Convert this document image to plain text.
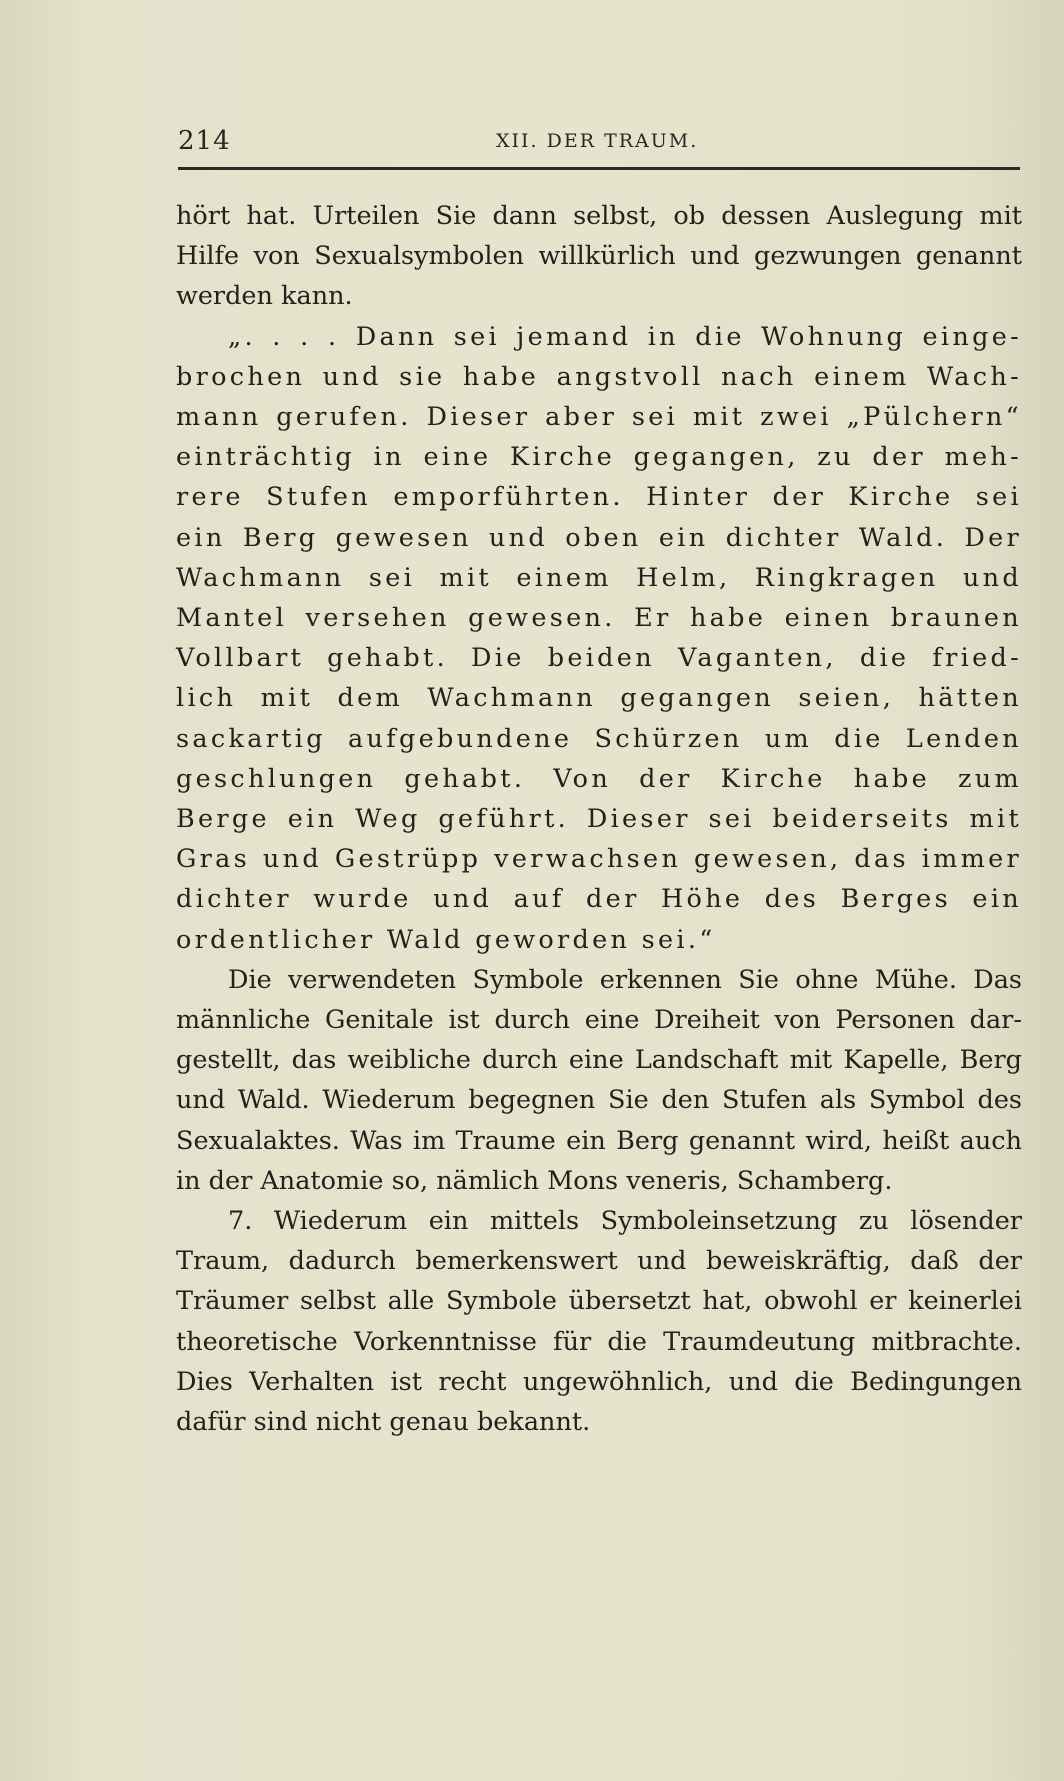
214	XII. DER TRAUM.

hört hat. Urteilen Sie dann selbst, ob dessen Auslegung mit
Hilfe von Sexualsymbolen willkürlich und gezwungen genannt
werden kann.

„. . . . Dann sei jemand in die Wohnung einge-
brochen und sie habe angstvoll nach einem Wach-
mann gerufen. Dieser aber sei mit zwei „Pülchern“
einträchtig in eine Kirche gegangen, zu der meh-
rere Stufen emporführten. Hinter der Kirche sei
ein Berg gewesen und oben ein dichter Wald. Der
Wachmann sei mit einem Helm, Ringkragen und
Mantel versehen gewesen. Er habe einen braunen
Vollbart gehabt. Die beiden Vaganten, die fried-
lich mit dem Wachmann gegangen seien, hätten
sackartig aufgebundene Schürzen um die Lenden
geschlungen gehabt. Von der Kirche habe zum
Berge ein Weg geführt. Dieser sei beiderseits mit
Gras und Gestrüpp verwachsen gewesen, das immer
dichter wurde und auf der Höhe des Berges ein
ordentlicher Wald geworden sei.“

Die verwendeten Symbole erkennen Sie ohne Mühe. Das
männliche Genitale ist durch eine Dreiheit von Personen dar-
gestellt, das weibliche durch eine Landschaft mit Kapelle, Berg
und Wald. Wiederum begegnen Sie den Stufen als Symbol des
Sexualaktes. Was im Traume ein Berg genannt wird, heißt auch
in der Anatomie so, nämlich Mons veneris, Schamberg.

7. Wiederum ein mittels Symboleinsetzung zu lösender
Traum, dadurch bemerkenswert und beweiskräftig, daß der
Träumer selbst alle Symbole übersetzt hat, obwohl er keinerlei
theoretische Vorkenntnisse für die Traumdeutung mitbrachte.
Dies Verhalten ist recht ungewöhnlich, und die Bedingungen
dafür sind nicht genau bekannt.
